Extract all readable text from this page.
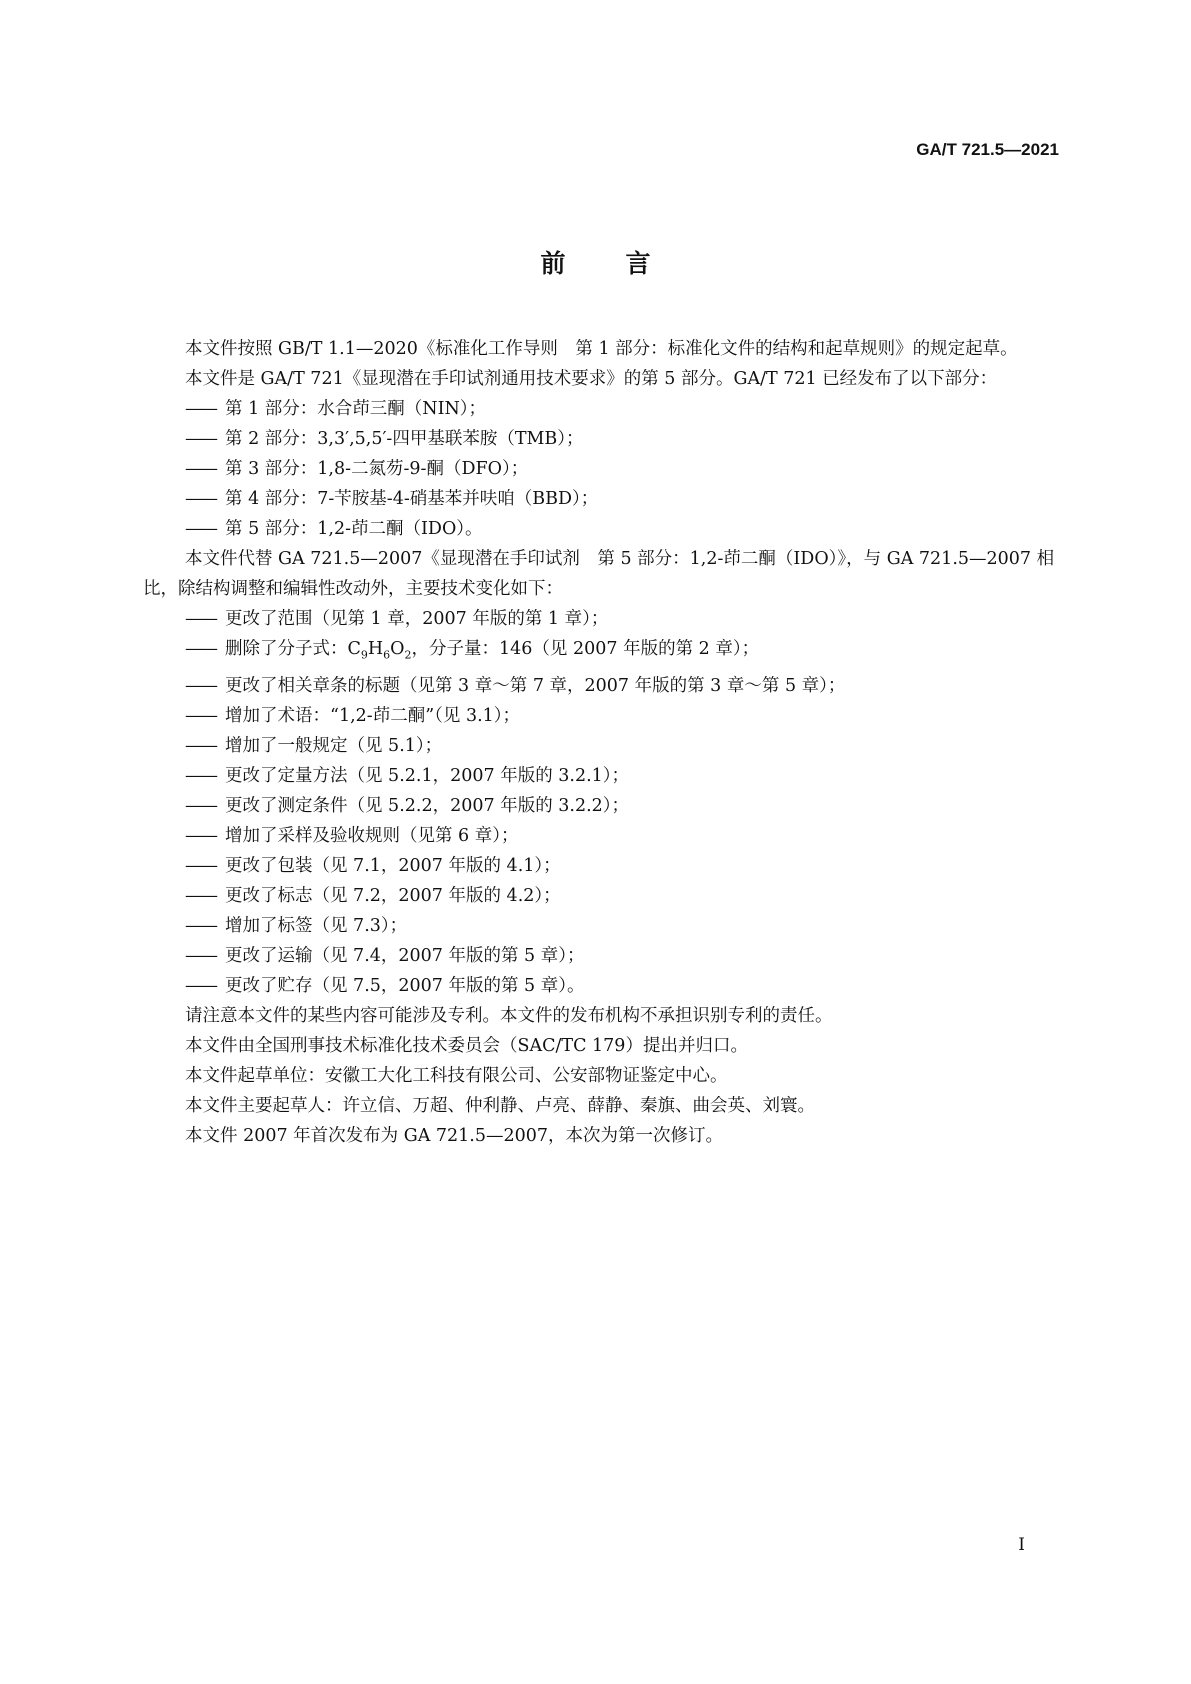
GA/T 721.5—2021
前言

本文件按照 GB/T 1.1—2020《标准化工作导则　第 1 部分：标准化文件的结构和起草规则》的规定起草。

本文件是 GA/T 721《显现潜在手印试剂通用技术要求》的第 5 部分。GA/T 721 已经发布了以下部分：

—— 第 1 部分：水合茚三酮（NIN）；

—— 第 2 部分：3,3′,5,5′-四甲基联苯胺（TMB）；

—— 第 3 部分：1,8-二氮芴-9-酮（DFO）；

—— 第 4 部分：7-苄胺基-4-硝基苯并呋咱（BBD）；

—— 第 5 部分：1,2-茚二酮（IDO）。

本文件代替 GA 721.5—2007《显现潜在手印试剂　第 5 部分：1,2-茚二酮（IDO）》，与 GA 721.5—2007 相比，除结构调整和编辑性改动外，主要技术变化如下：

—— 更改了范围（见第 1 章，2007 年版的第 1 章）；

—— 删除了分子式：$C_9H_6O_2$，分子量：146（见 2007 年版的第 2 章）；

—— 更改了相关章条的标题（见第 3 章～第 7 章，2007 年版的第 3 章～第 5 章）；

—— 增加了术语：“1,2-茚二酮”（见 3.1）；

—— 增加了一般规定（见 5.1）；

—— 更改了定量方法（见 5.2.1，2007 年版的 3.2.1）；

—— 更改了测定条件（见 5.2.2，2007 年版的 3.2.2）；

—— 增加了采样及验收规则（见第 6 章）；

—— 更改了包装（见 7.1，2007 年版的 4.1）；

—— 更改了标志（见 7.2，2007 年版的 4.2）；

—— 增加了标签（见 7.3）；

—— 更改了运输（见 7.4，2007 年版的第 5 章）；

—— 更改了贮存（见 7.5，2007 年版的第 5 章）。

请注意本文件的某些内容可能涉及专利。本文件的发布机构不承担识别专利的责任。

本文件由全国刑事技术标准化技术委员会（SAC/TC 179）提出并归口。

本文件起草单位：安徽工大化工科技有限公司、公安部物证鉴定中心。

本文件主要起草人：许立信、万超、仲利静、卢亮、薛静、秦旗、曲会英、刘寰。

本文件 2007 年首次发布为 GA 721.5—2007，本次为第一次修订。

Ⅰ
